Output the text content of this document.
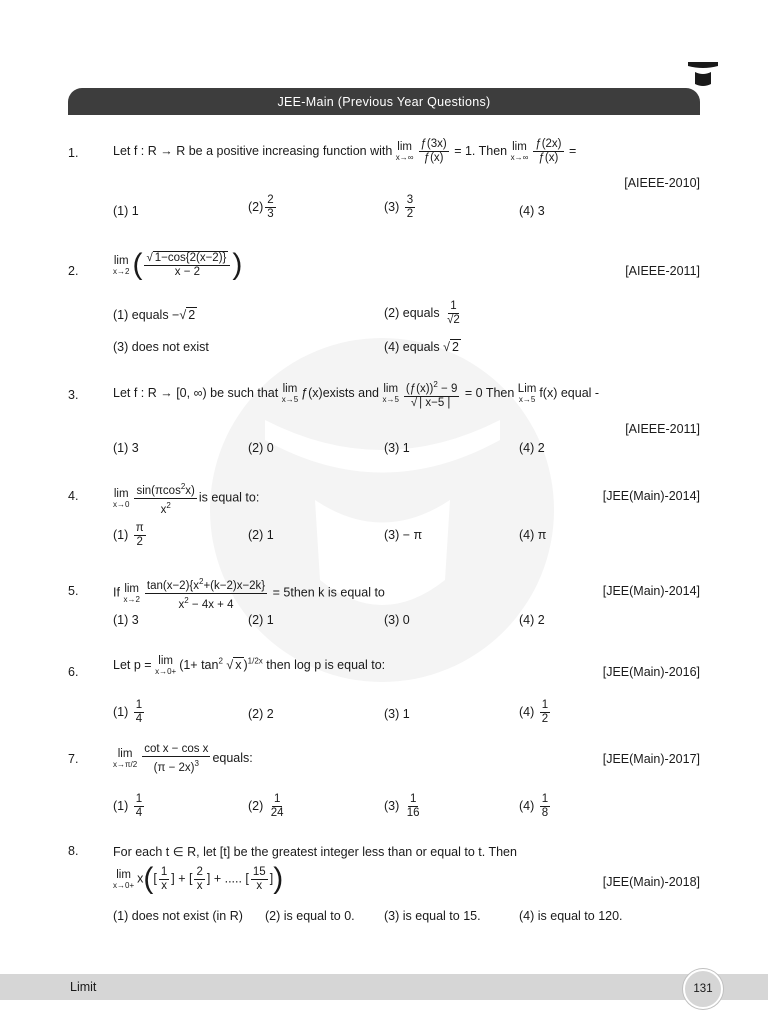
JEE-Main (Previous Year Questions)
1.	Let f : R → R be a positive increasing function with lim
$x\to\infty \frac{ƒ(3x)}{ƒ(x)} = 1$. Then lim
$x\to\infty \frac{ƒ(2x)}{ƒ(x)}$ =
[AIEEE-2010]
(1) 1	$(2) \frac{2}{3}$	$(3) \frac{3}{2}$	(4) 3
2.
lim
x→2 ( $\frac{√ 1-\cos\{2(x-2)\}}{x - 2}$ )	[AIEEE-2011]
(1) equals −√ 2	(2) equals $\frac{1}{√2}$
(3) does not exist	(4) equals √ 2
3.	Let f : R → [0, ∞) be such that lim
x→5 ƒ(x)exists and lim
$x\to 5 \frac{(ƒ(x))^2 - 9}{√ | x-5 |} = 0$ Then Lim
x→5 f(x) equal -
[AIEEE-2011]
(1) 3	(2) 0	(3) 1	(4) 2
4.	lim
$x\to 0 \frac{\sin(\pi\cos^2x)}{x^2}$ is equal to:	[JEE(Main)-2014]
$(1) \frac{\pi}{2}$	(2) 1	(3) − π	(4) π
5.	If lim
$x\to 2 \frac{\tan(x-2)\{x^2+(k-2)x-2k\}}{x^2 - 4x + 4}$ = 5then k is equal to	[JEE(Main)-2014]
(1) 3	(2) 1	(3) 0	(4) 2
6.
Let p = lim
$x\to 0+ (1+ \tan^2$ √ x )$^{1/2x}$ then log p is equal to:
[JEE(Main)-2016]
$(1) \frac{1}{4}$	(2) 2	(3) 1	$(4) \frac{1}{2}$
7.	lim
$x\to\pi/2 \frac{\text{cot x − cos x}}{(\pi - 2x)^3}$ equals:	[JEE(Main)-2017]
$(1) \frac{1}{4}$	$(2) \frac{1}{24}$	$(3) \frac{1}{16}$	$(4) \frac{1}{8}$
8.	For each t ∈ R, let [t] be the greatest integer less than or equal to t. Then
lim
$x\to 0+ x([ \frac{1}{x}$ ] + [ $\frac{2}{x}$ ] + ..... [ $\frac{15}{x}$ ])	[JEE(Main)-2018]
(1) does not exist (in R) (2) is equal to 0. (3) is equal to 15.	(4) is equal to 120.
Limit	131
